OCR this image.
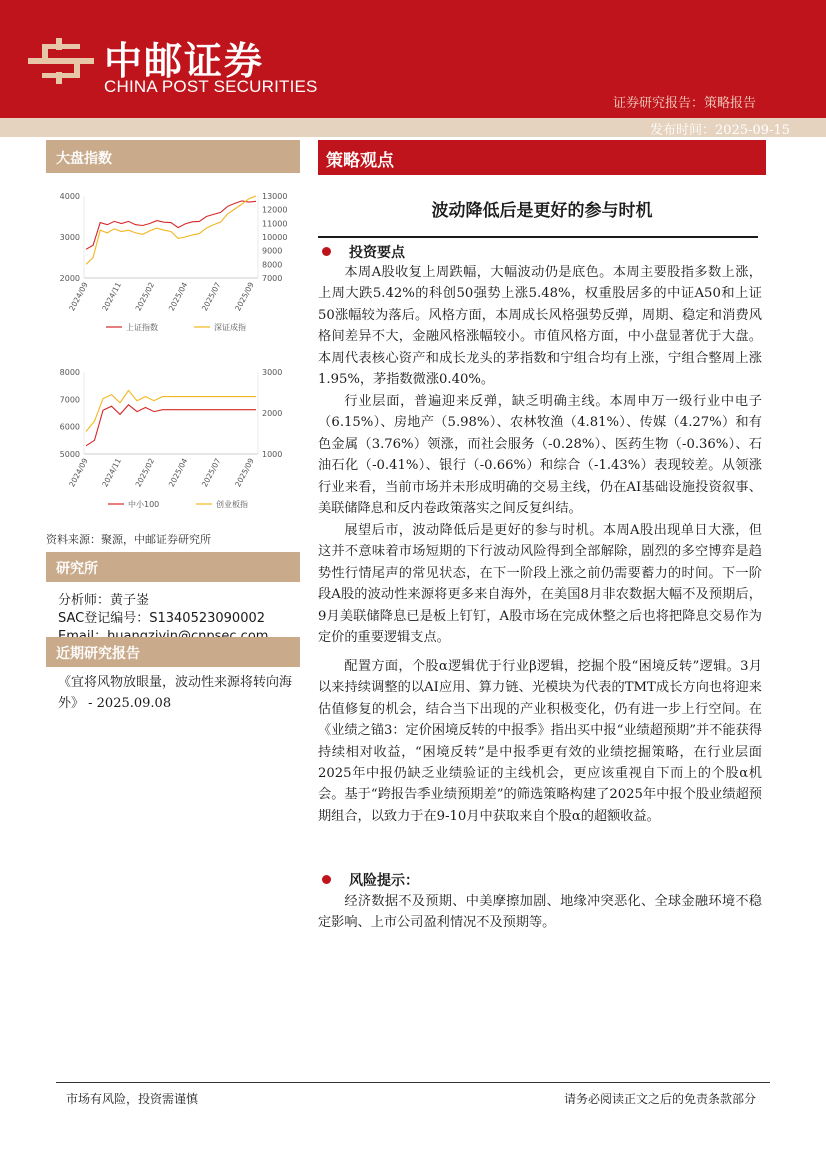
中邮证券
CHINA POST SECURITIES
证券研究报告：策略报告
发布时间：2025-09-15
大盘指数
2000
3000
4000
7000
8000
9000
10000
11000
12000
13000
2024/09 2024/11 2025/02 2025/04 2025/07 2025/09
上证指数	深证成指
5000
6000
7000
8000
1000
2000
3000
2024/09 2024/11 2025/02 2025/04 2025/07 2025/09
中小100	创业板指
资料来源：聚源，中邮证券研究所
研究所
分析师：黄子崟
SAC登记编号：S1340523090002
近期研究报告
《宜将风物放眼量，波动性来源将转向海外》 - 2025.09.08
策略观点
波动降低后是更好的参与时机
投资要点

本周A股收复上周跌幅，大幅波动仍是底色。本周主要股指多数上涨，上周大跌5.42%的科创50强势上涨5.48%，权重股居多的中证A50和上证50涨幅较为落后。风格方面，本周成长风格强势反弹，周期、稳定和消费风格间差异不大，金融风格涨幅较小。市值风格方面，中小盘显著优于大盘。本周代表核心资产和成长龙头的茅指数和宁组合均有上涨，宁组合整周上涨1.95%，茅指数微涨0.40%。

行业层面，普遍迎来反弹，缺乏明确主线。本周申万一级行业中电子（6.15%）、房地产（5.98%）、农林牧渔（4.81%）、传媒（4.27%）和有色金属（3.76%）领涨，而社会服务（-0.28%）、医药生物（-0.36%）、石油石化（-0.41%）、银行（-0.66%）和综合（-1.43%）表现较差。从领涨行业来看，当前市场并未形成明确的交易主线，仍在AI基础设施投资叙事、美联储降息和反内卷政策落实之间反复纠结。

展望后市，波动降低后是更好的参与时机。本周A股出现单日大涨，但这并不意味着市场短期的下行波动风险得到全部解除，剧烈的多空博弈是趋势性行情尾声的常见状态，在下一阶段上涨之前仍需要蓄力的时间。下一阶段A股的波动性来源将更多来自海外，在美国8月非农数据大幅不及预期后，9月美联储降息已是板上钉钉，A股市场在完成休整之后也将把降息交易作为定价的重要逻辑支点。

配置方面，个股α逻辑优于行业β逻辑，挖掘个股“困境反转”逻辑。3月以来持续调整的以AI应用、算力链、光模块为代表的TMT成长方向也将迎来估值修复的机会，结合当下出现的产业积极变化，仍有进一步上行空间。在《业绩之锚3：定价困境反转的中报季》指出买中报“业绩超预期”并不能获得持续相对收益，“困境反转”是中报季更有效的业绩挖掘策略，在行业层面2025年中报仍缺乏业绩验证的主线机会，更应该重视自下而上的个股α机会。基于“跨报告季业绩预期差”的筛选策略构建了2025年中报个股业绩超预期组合，以致力于在9-10月中获取来自个股α的超额收益。

风险提示：

经济数据不及预期、中美摩擦加剧、地缘冲突恶化、全球金融环境不稳定影响、上市公司盈利情况不及预期等。

市场有风险，投资需谨慎	请务必阅读正文之后的免责条款部分
